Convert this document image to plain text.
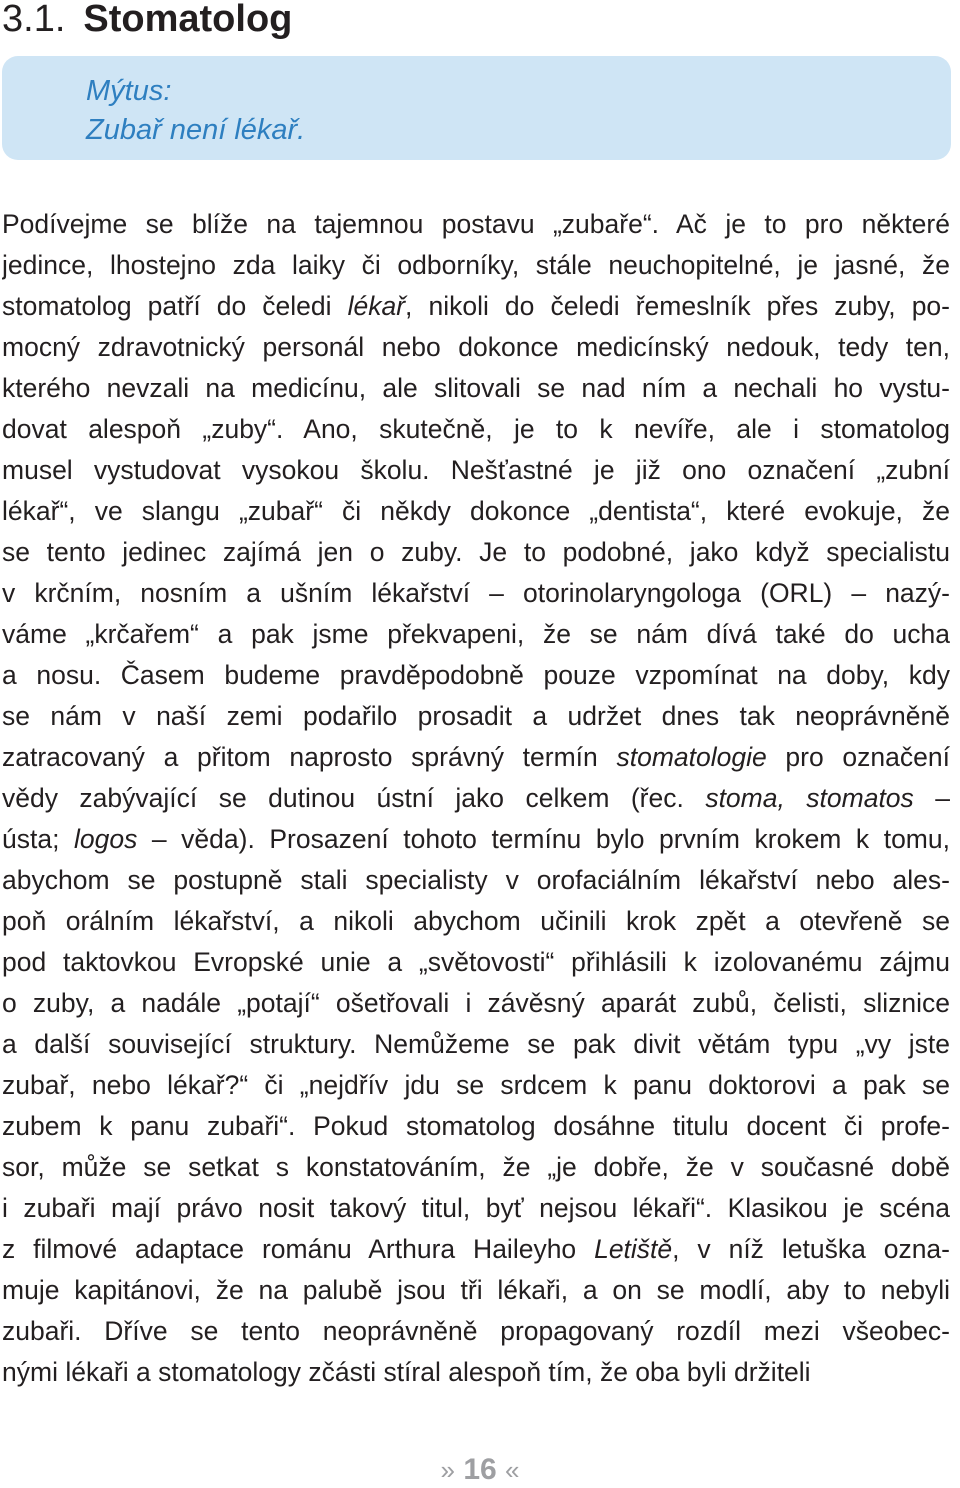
3.1. Stomatolog
Mýtus:
Zubař není lékař.
Podívejme se blíže na tajemnou postavu „zubaře“. Ač je to pro některé
jedince, lhostejno zda laiky či odborníky, stále neuchopitelné, je jasné, že
stomatolog patří do čeledi lékař, nikoli do čeledi řemeslník přes zuby, po-
mocný zdravotnický personál nebo dokonce medicínský nedouk, tedy ten,
kterého nevzali na medicínu, ale slitovali se nad ním a nechali ho vystu-
dovat alespoň „zuby“. Ano, skutečně, je to k nevíře, ale i stomatolog
musel vystudovat vysokou školu. Nešťastné je již ono označení „zubní
lékař“, ve slangu „zubař“ či někdy dokonce „dentista“, které evokuje, že
se tento jedinec zajímá jen o zuby. Je to podobné, jako když specialistu
v krčním, nosním a ušním lékařství – otorinolaryngologa (ORL) – nazý-
váme „krčařem“ a pak jsme překvapeni, že se nám dívá také do ucha
a nosu. Časem budeme pravděpodobně pouze vzpomínat na doby, kdy
se nám v naší zemi podařilo prosadit a udržet dnes tak neoprávněně
zatracovaný a přitom naprosto správný termín stomatologie pro označení
vědy zabývající se dutinou ústní jako celkem (řec. stoma, stomatos –
ústa; logos – věda). Prosazení tohoto termínu bylo prvním krokem k tomu,
abychom se postupně stali specialisty v orofaciálním lékařství nebo ales-
poň orálním lékařství, a nikoli abychom učinili krok zpět a otevřeně se
pod taktovkou Evropské unie a „světovosti“ přihlásili k izolovanému zájmu
o zuby, a nadále „potají“ ošetřovali i závěsný aparát zubů, čelisti, sliznice
a další související struktury. Nemůžeme se pak divit větám typu „vy jste
zubař, nebo lékař?“ či „nejdřív jdu se srdcem k panu doktorovi a pak se
zubem k panu zubaři“. Pokud stomatolog dosáhne titulu docent či profe-
sor, může se setkat s konstatováním, že „je dobře, že v současné době
i zubaři mají právo nosit takový titul, byť nejsou lékaři“. Klasikou je scéna
z filmové adaptace románu Arthura Haileyho Letiště, v níž letuška ozna-
muje kapitánovi, že na palubě jsou tři lékaři, a on se modlí, aby to nebyli
zubaři. Dříve se tento neoprávněně propagovaný rozdíl mezi všeobec-
nými lékaři a stomatology zčásti stíral alespoň tím, že oba byli držiteli
» 16 «
